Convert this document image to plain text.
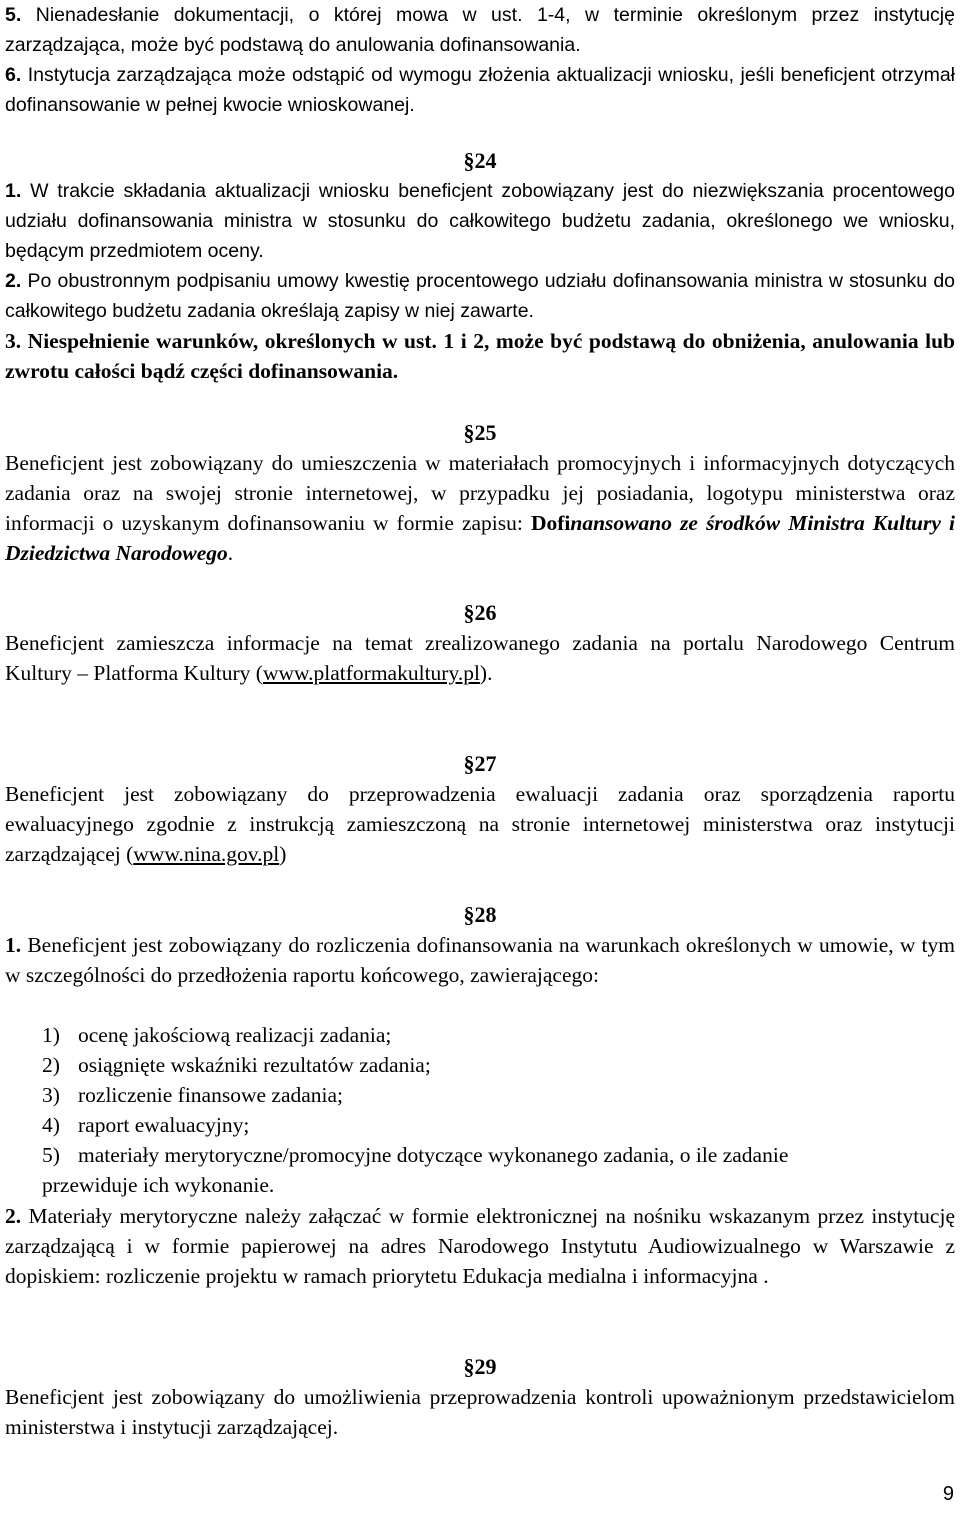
5. Nienadesłanie dokumentacji, o której mowa w ust. 1-4, w terminie określonym przez instytucję zarządzająca, może być podstawą do anulowania dofinansowania.
6. Instytucja zarządzająca może odstąpić od wymogu złożenia aktualizacji wniosku, jeśli beneficjent otrzymał dofinansowanie w pełnej kwocie wnioskowanej.
§24
1. W trakcie składania aktualizacji wniosku beneficjent zobowiązany jest do niezwiększania procentowego udziału dofinansowania ministra w stosunku do całkowitego budżetu zadania, określonego we wniosku, będącym przedmiotem oceny.
2. Po obustronnym podpisaniu umowy kwestię procentowego udziału dofinansowania ministra w stosunku do całkowitego budżetu zadania określają zapisy w niej zawarte.
3. Niespełnienie warunków, określonych w ust. 1 i 2, może być podstawą do obniżenia, anulowania lub zwrotu całości bądź części dofinansowania.
§25
Beneficjent jest zobowiązany do umieszczenia w materiałach promocyjnych i informacyjnych dotyczących zadania oraz na swojej stronie internetowej, w przypadku jej posiadania, logotypu ministerstwa oraz informacji o uzyskanym dofinansowaniu w formie zapisu: Dofinansowano ze środków Ministra Kultury i Dziedzictwa Narodowego.
§26
Beneficjent zamieszcza informacje na temat zrealizowanego zadania na portalu Narodowego Centrum Kultury – Platforma Kultury (www.platformakultury.pl).
§27
Beneficjent jest zobowiązany do przeprowadzenia ewaluacji zadania oraz sporządzenia raportu ewaluacyjnego zgodnie z instrukcją zamieszczoną na stronie internetowej ministerstwa oraz instytucji zarządzającej (www.nina.gov.pl)
§28
1. Beneficjent jest zobowiązany do rozliczenia dofinansowania na warunkach określonych w umowie, w tym w szczególności do przedłożenia raportu końcowego, zawierającego:
1) ocenę jakościową realizacji zadania;
2) osiągnięte wskaźniki rezultatów zadania;
3) rozliczenie finansowe zadania;
4) raport ewaluacyjny;
5) materiały merytoryczne/promocyjne dotyczące wykonanego zadania, o ile zadanie
przewiduje ich wykonanie.
2. Materiały merytoryczne należy załączać w formie elektronicznej na nośniku wskazanym przez instytucję zarządzającą i w formie papierowej na adres Narodowego Instytutu Audiowizualnego w Warszawie z dopiskiem: rozliczenie projektu w ramach priorytetu Edukacja medialna i informacyjna .
§29
Beneficjent jest zobowiązany do umożliwienia przeprowadzenia kontroli upoważnionym przedstawicielom ministerstwa i instytucji zarządzającej.
9
